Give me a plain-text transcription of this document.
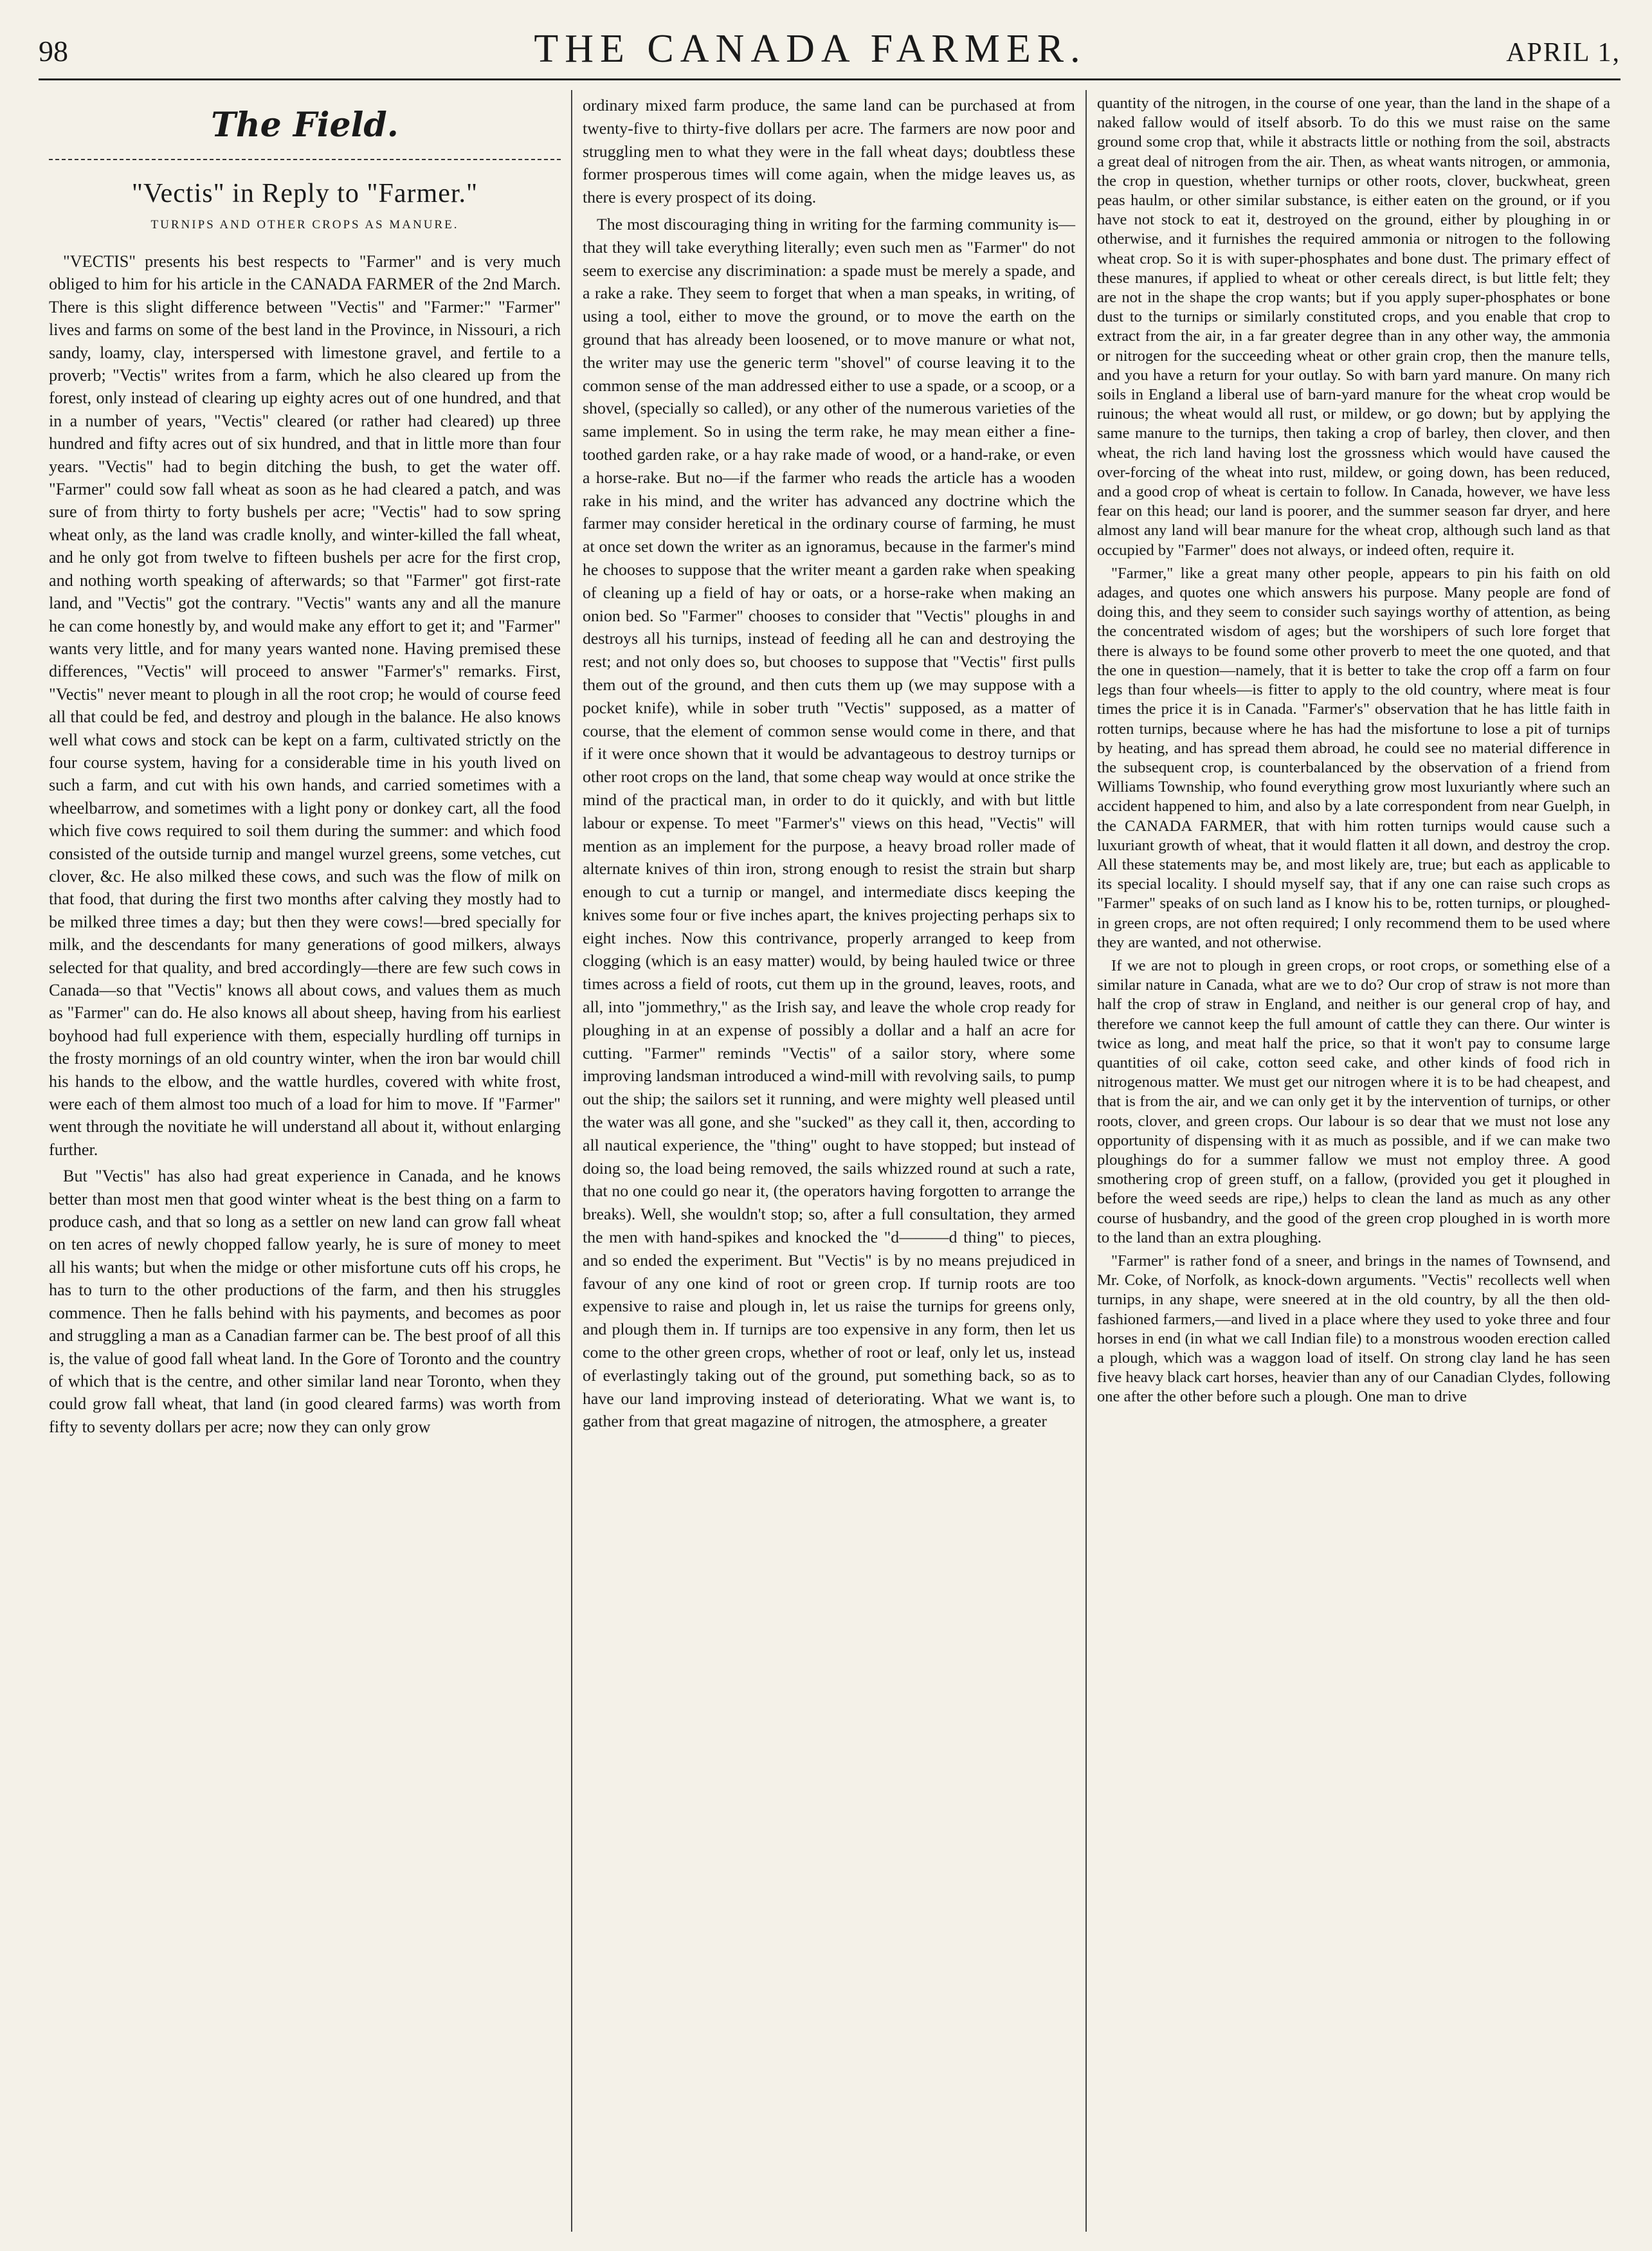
98	THE CANADA FARMER.	APRIL 1,
The Field.
"Vectis" in Reply to "Farmer."
TURNIPS AND OTHER CROPS AS MANURE.

"VECTIS" presents his best respects to "Farmer" and is very much obliged to him for his article in the CANADA FARMER of the 2nd March. There is this slight difference between "Vectis" and "Farmer:" "Farmer" lives and farms on some of the best land in the Province, in Nissouri, a rich sandy, loamy, clay, interspersed with limestone gravel, and fertile to a proverb; "Vectis" writes from a farm, which he also cleared up from the forest, only instead of clearing up eighty acres out of one hundred, and that in a number of years, "Vectis" cleared (or rather had cleared) up three hundred and fifty acres out of six hundred, and that in little more than four years. "Vectis" had to begin ditching the bush, to get the water off. "Farmer" could sow fall wheat as soon as he had cleared a patch, and was sure of from thirty to forty bushels per acre; "Vectis" had to sow spring wheat only, as the land was cradle knolly, and winter-killed the fall wheat, and he only got from twelve to fifteen bushels per acre for the first crop, and nothing worth speaking of afterwards; so that "Farmer" got first-rate land, and "Vectis" got the contrary. "Vectis" wants any and all the manure he can come honestly by, and would make any effort to get it; and "Farmer" wants very little, and for many years wanted none. Having premised these differences, "Vectis" will proceed to answer "Farmer's" remarks. First, "Vectis" never meant to plough in all the root crop; he would of course feed all that could be fed, and destroy and plough in the balance. He also knows well what cows and stock can be kept on a farm, cultivated strictly on the four course system, having for a considerable time in his youth lived on such a farm, and cut with his own hands, and carried sometimes with a wheelbarrow, and sometimes with a light pony or donkey cart, all the food which five cows required to soil them during the summer: and which food consisted of the outside turnip and mangel wurzel greens, some vetches, cut clover, &c. He also milked these cows, and such was the flow of milk on that food, that during the first two months after calving they mostly had to be milked three times a day; but then they were cows!—bred specially for milk, and the descendants for many generations of good milkers, always selected for that quality, and bred accordingly—there are few such cows in Canada—so that "Vectis" knows all about cows, and values them as much as "Farmer" can do. He also knows all about sheep, having from his earliest boyhood had full experience with them, especially hurdling off turnips in the frosty mornings of an old country winter, when the iron bar would chill his hands to the elbow, and the wattle hurdles, covered with white frost, were each of them almost too much of a load for him to move. If "Farmer" went through the novitiate he will understand all about it, without enlarging further.

But "Vectis" has also had great experience in Canada, and he knows better than most men that good winter wheat is the best thing on a farm to produce cash, and that so long as a settler on new land can grow fall wheat on ten acres of newly chopped fallow yearly, he is sure of money to meet all his wants; but when the midge or other misfortune cuts off his crops, he has to turn to the other productions of the farm, and then his struggles commence. Then he falls behind with his payments, and becomes as poor and struggling a man as a Canadian farmer can be. The best proof of all this is, the value of good fall wheat land. In the Gore of Toronto and the country of which that is the centre, and other similar land near Toronto, when they could grow fall wheat, that land (in good cleared farms) was worth from fifty to seventy dollars per acre; now they can only grow

ordinary mixed farm produce, the same land can be purchased at from twenty-five to thirty-five dollars per acre. The farmers are now poor and struggling men to what they were in the fall wheat days; doubtless these former prosperous times will come again, when the midge leaves us, as there is every prospect of its doing.

The most discouraging thing in writing for the farming community is—that they will take everything literally; even such men as "Farmer" do not seem to exercise any discrimination: a spade must be merely a spade, and a rake a rake. They seem to forget that when a man speaks, in writing, of using a tool, either to move the ground, or to move the earth on the ground that has already been loosened, or to move manure or what not, the writer may use the generic term "shovel" of course leaving it to the common sense of the man addressed either to use a spade, or a scoop, or a shovel, (specially so called), or any other of the numerous varieties of the same implement. So in using the term rake, he may mean either a fine-toothed garden rake, or a hay rake made of wood, or a hand-rake, or even a horse-rake. But no—if the farmer who reads the article has a wooden rake in his mind, and the writer has advanced any doctrine which the farmer may consider heretical in the ordinary course of farming, he must at once set down the writer as an ignoramus, because in the farmer's mind he chooses to suppose that the writer meant a garden rake when speaking of cleaning up a field of hay or oats, or a horse-rake when making an onion bed. So "Farmer" chooses to consider that "Vectis" ploughs in and destroys all his turnips, instead of feeding all he can and destroying the rest; and not only does so, but chooses to suppose that "Vectis" first pulls them out of the ground, and then cuts them up (we may suppose with a pocket knife), while in sober truth "Vectis" supposed, as a matter of course, that the element of common sense would come in there, and that if it were once shown that it would be advantageous to destroy turnips or other root crops on the land, that some cheap way would at once strike the mind of the practical man, in order to do it quickly, and with but little labour or expense. To meet "Farmer's" views on this head, "Vectis" will mention as an implement for the purpose, a heavy broad roller made of alternate knives of thin iron, strong enough to resist the strain but sharp enough to cut a turnip or mangel, and intermediate discs keeping the knives some four or five inches apart, the knives projecting perhaps six to eight inches. Now this contrivance, properly arranged to keep from clogging (which is an easy matter) would, by being hauled twice or three times across a field of roots, cut them up in the ground, leaves, roots, and all, into "jommethry," as the Irish say, and leave the whole crop ready for ploughing in at an expense of possibly a dollar and a half an acre for cutting. "Farmer" reminds "Vectis" of a sailor story, where some improving landsman introduced a wind-mill with revolving sails, to pump out the ship; the sailors set it running, and were mighty well pleased until the water was all gone, and she "sucked" as they call it, then, according to all nautical experience, the "thing" ought to have stopped; but instead of doing so, the load being removed, the sails whizzed round at such a rate, that no one could go near it, (the operators having forgotten to arrange the breaks). Well, she wouldn't stop; so, after a full consultation, they armed the men with hand-spikes and knocked the "d———d thing" to pieces, and so ended the experiment. But "Vectis" is by no means prejudiced in favour of any one kind of root or green crop. If turnip roots are too expensive to raise and plough in, let us raise the turnips for greens only, and plough them in. If turnips are too expensive in any form, then let us come to the other green crops, whether of root or leaf, only let us, instead of everlastingly taking out of the ground, put something back, so as to have our land improving instead of deteriorating. What we want is, to gather from that great magazine of nitrogen, the atmosphere, a greater

quantity of the nitrogen, in the course of one year, than the land in the shape of a naked fallow would of itself absorb. To do this we must raise on the same ground some crop that, while it abstracts little or nothing from the soil, abstracts a great deal of nitrogen from the air. Then, as wheat wants nitrogen, or ammonia, the crop in question, whether turnips or other roots, clover, buckwheat, green peas haulm, or other similar substance, is either eaten on the ground, or if you have not stock to eat it, destroyed on the ground, either by ploughing in or otherwise, and it furnishes the required ammonia or nitrogen to the following wheat crop. So it is with super-phosphates and bone dust. The primary effect of these manures, if applied to wheat or other cereals direct, is but little felt; they are not in the shape the crop wants; but if you apply super-phosphates or bone dust to the turnips or similarly constituted crops, and you enable that crop to extract from the air, in a far greater degree than in any other way, the ammonia or nitrogen for the succeeding wheat or other grain crop, then the manure tells, and you have a return for your outlay. So with barn yard manure. On many rich soils in England a liberal use of barn-yard manure for the wheat crop would be ruinous; the wheat would all rust, or mildew, or go down; but by applying the same manure to the turnips, then taking a crop of barley, then clover, and then wheat, the rich land having lost the grossness which would have caused the over-forcing of the wheat into rust, mildew, or going down, has been reduced, and a good crop of wheat is certain to follow. In Canada, however, we have less fear on this head; our land is poorer, and the summer season far dryer, and here almost any land will bear manure for the wheat crop, although such land as that occupied by "Farmer" does not always, or indeed often, require it.

"Farmer," like a great many other people, appears to pin his faith on old adages, and quotes one which answers his purpose. Many people are fond of doing this, and they seem to consider such sayings worthy of attention, as being the concentrated wisdom of ages; but the worshipers of such lore forget that there is always to be found some other proverb to meet the one quoted, and that the one in question—namely, that it is better to take the crop off a farm on four legs than four wheels—is fitter to apply to the old country, where meat is four times the price it is in Canada. "Farmer's" observation that he has little faith in rotten turnips, because where he has had the misfortune to lose a pit of turnips by heating, and has spread them abroad, he could see no material difference in the subsequent crop, is counterbalanced by the observation of a friend from Williams Township, who found everything grow most luxuriantly where such an accident happened to him, and also by a late correspondent from near Guelph, in the CANADA FARMER, that with him rotten turnips would cause such a luxuriant growth of wheat, that it would flatten it all down, and destroy the crop. All these statements may be, and most likely are, true; but each as applicable to its special locality. I should myself say, that if any one can raise such crops as "Farmer" speaks of on such land as I know his to be, rotten turnips, or ploughed-in green crops, are not often required; I only recommend them to be used where they are wanted, and not otherwise.

If we are not to plough in green crops, or root crops, or something else of a similar nature in Canada, what are we to do? Our crop of straw is not more than half the crop of straw in England, and neither is our general crop of hay, and therefore we cannot keep the full amount of cattle they can there. Our winter is twice as long, and meat half the price, so that it won't pay to consume large quantities of oil cake, cotton seed cake, and other kinds of food rich in nitrogenous matter. We must get our nitrogen where it is to be had cheapest, and that is from the air, and we can only get it by the intervention of turnips, or other roots, clover, and green crops. Our labour is so dear that we must not lose any opportunity of dispensing with it as much as possible, and if we can make two ploughings do for a summer fallow we must not employ three. A good smothering crop of green stuff, on a fallow, (provided you get it ploughed in before the weed seeds are ripe,) helps to clean the land as much as any other course of husbandry, and the good of the green crop ploughed in is worth more to the land than an extra ploughing.

"Farmer" is rather fond of a sneer, and brings in the names of Townsend, and Mr. Coke, of Norfolk, as knock-down arguments. "Vectis" recollects well when turnips, in any shape, were sneered at in the old country, by all the then old-fashioned farmers,—and lived in a place where they used to yoke three and four horses in end (in what we call Indian file) to a monstrous wooden erection called a plough, which was a waggon load of itself. On strong clay land he has seen five heavy black cart horses, heavier than any of our Canadian Clydes, following one after the other before such a plough. One man to drive
